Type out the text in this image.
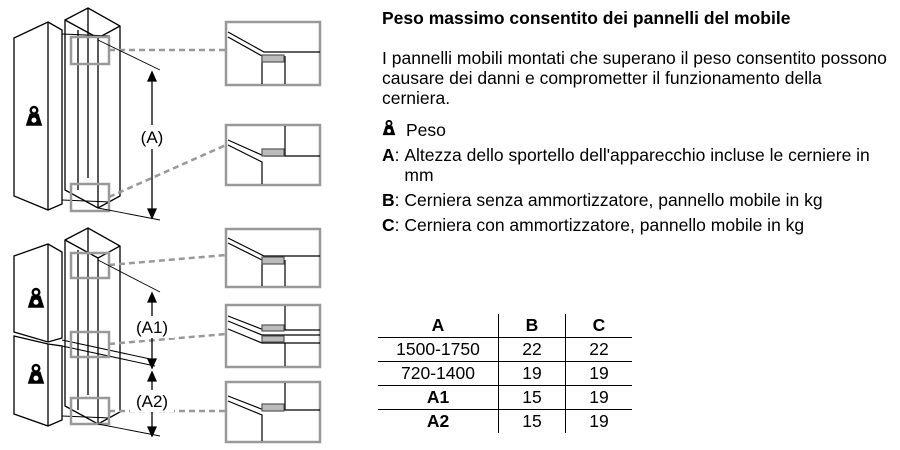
(A)
(A1)
(A2)
Peso massimo consentito dei pannelli del mobile
I pannelli mobili montati che superano il peso consentito possono causare dei danni e comprometter il funzionamento della cerniera.
Peso
A: Altezza dello sportello dell'apparecchio incluse le cerniere in mm
B: Cerniera senza ammortizzatore, pannello mobile in kg
C: Cerniera con ammortizzatore, pannello mobile in kg
A	B	C
1500-1750	22	22
720-1400	19	19
A1	15	19
A2	15	19
